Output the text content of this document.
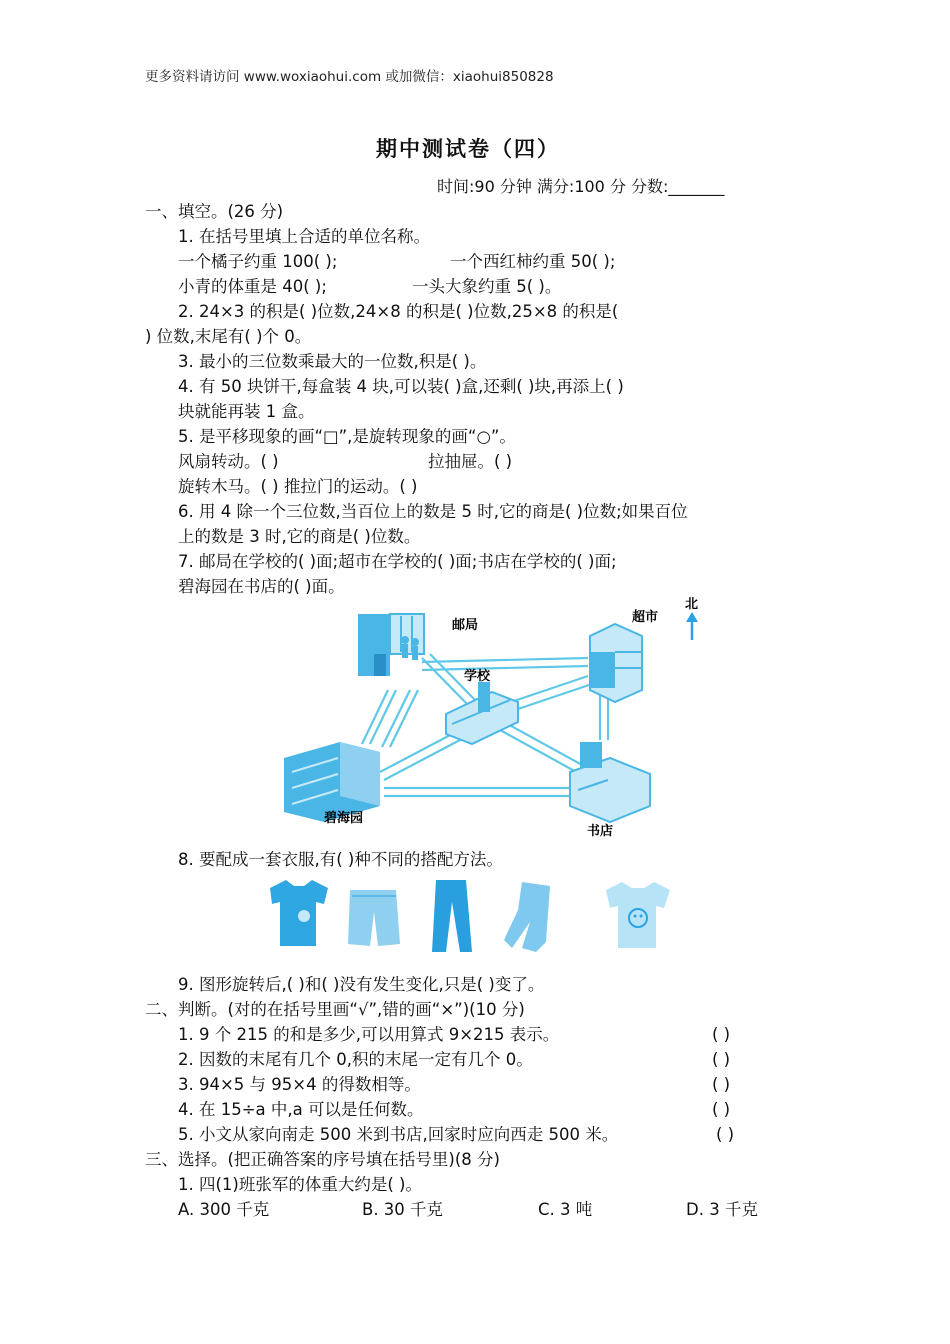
更多资料请访问 www.woxiaohui.com 或加微信：xiaohui850828
期中测试卷（四）
时间:90 分钟 满分:100 分 分数:_______
一、填空。(26 分)
1. 在括号里填上合适的单位名称。
一个橘子约重 100( );	一个西红柿约重 50( );
小青的体重是 40( );	一头大象约重 5( )。
2. 24×3 的积是( )位数,24×8 的积是( )位数,25×8 的积是(
) 位数,末尾有( )个 0。
3. 最小的三位数乘最大的一位数,积是( )。
4. 有 50 块饼干,每盒装 4 块,可以装( )盒,还剩( )块,再添上( )
块就能再装 1 盒。
5. 是平移现象的画“□”,是旋转现象的画“○”。
风扇转动。( )	拉抽屉。( )
旋转木马。( ) 推拉门的运动。( )
6. 用 4 除一个三位数,当百位上的数是 5 时,它的商是( )位数;如果百位
上的数是 3 时,它的商是( )位数。
7. 邮局在学校的( )面;超市在学校的( )面;书店在学校的( )面;
碧海园在书店的( )面。
邮局
超市
北
学校
碧海园
书店
8. 要配成一套衣服,有( )种不同的搭配方法。
9. 图形旋转后,( )和( )没有发生变化,只是( )变了。
二、判断。(对的在括号里画“√”,错的画“×”)(10 分)
1. 9 个 215 的和是多少,可以用算式 9×215 表示。	( )
2. 因数的末尾有几个 0,积的末尾一定有几个 0。	( )
3. 94×5 与 95×4 的得数相等。	( )
4. 在 15÷a 中,a 可以是任何数。	( )
5. 小文从家向南走 500 米到书店,回家时应向西走 500 米。	( )
三、选择。(把正确答案的序号填在括号里)(8 分)
1. 四(1)班张军的体重大约是( )。
A. 300 千克	B. 30 千克	C. 3 吨	D. 3 千克
